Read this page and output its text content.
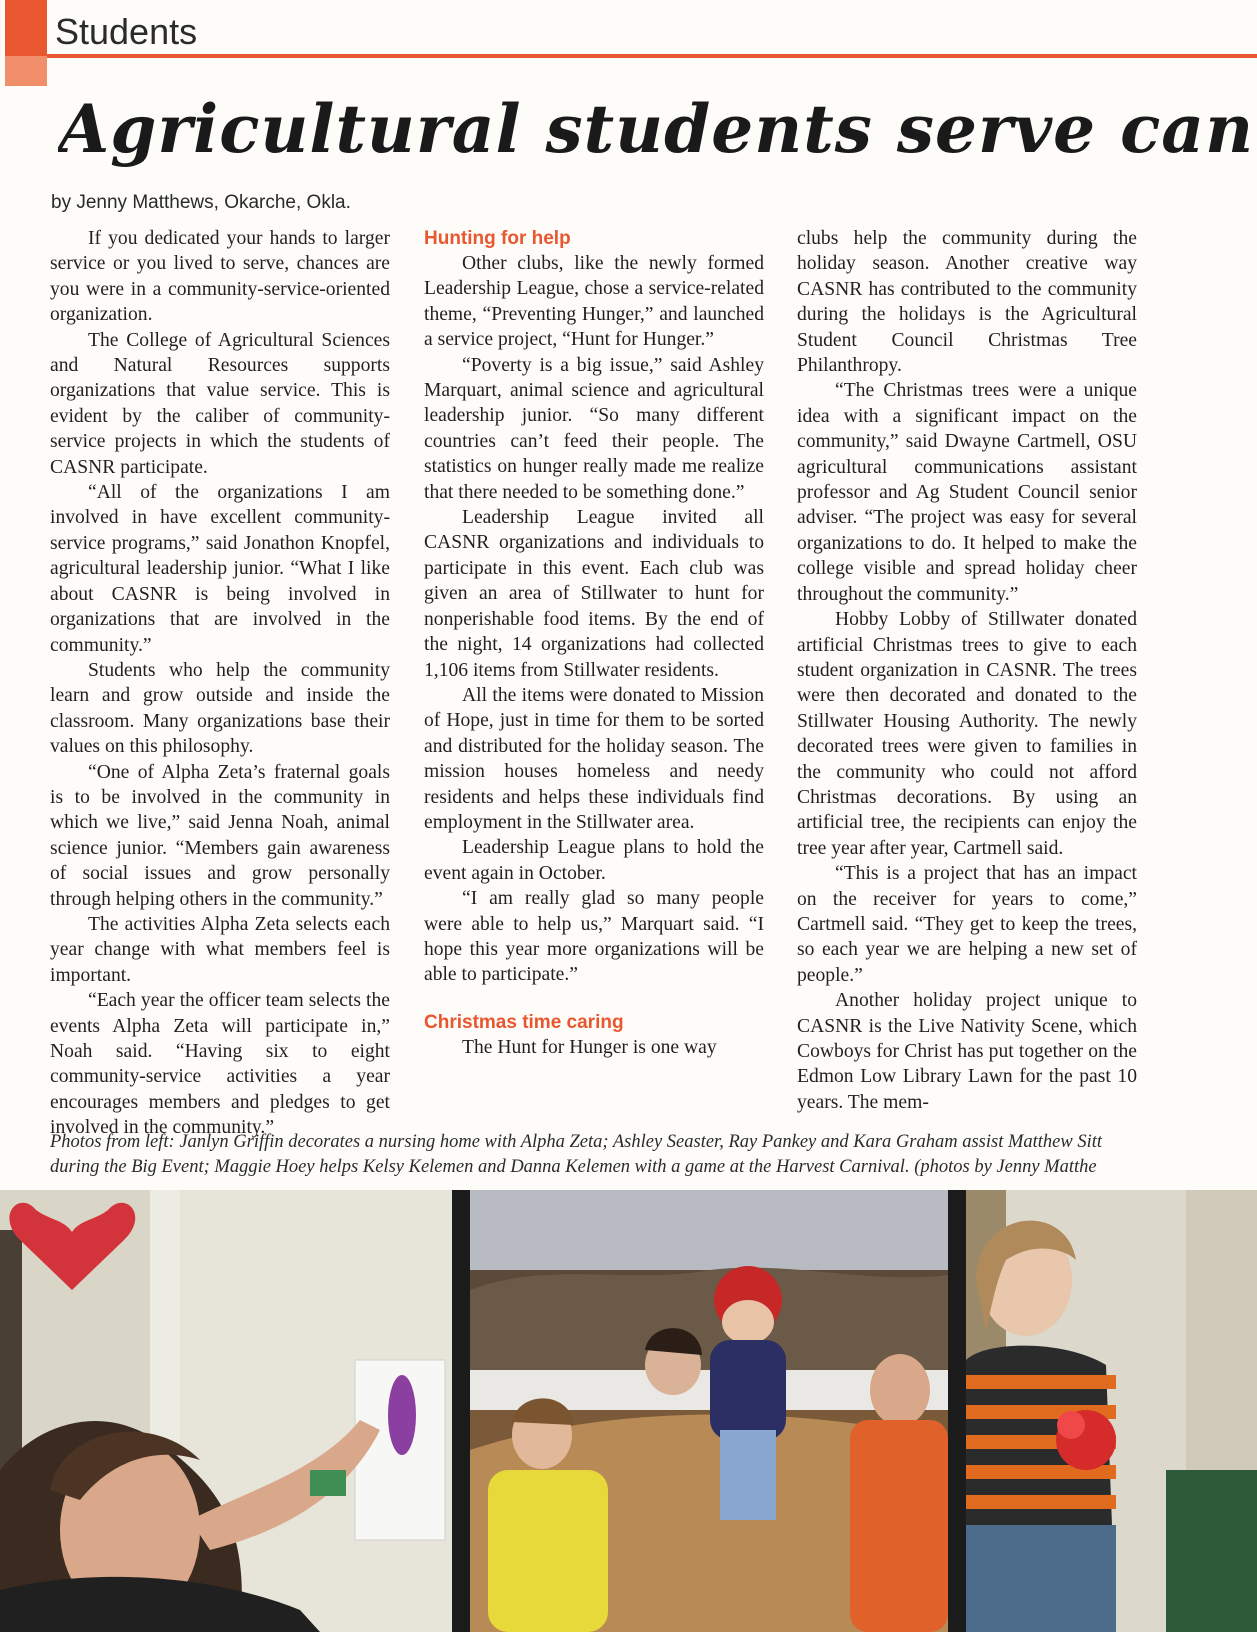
Students
Agricultural students serve can
by Jenny Matthews, Okarche, Okla.

If you dedicated your hands to larger service or you lived to serve, chances are you were in a community-service-oriented organization.

The College of Agricultural Sciences and Natural Resources supports organizations that value service. This is evident by the caliber of community-service projects in which the students of CASNR participate.

“All of the organizations I am involved in have excellent community-service programs,” said Jonathon Knopfel, agricultural leadership junior. “What I like about CASNR is being involved in organizations that are involved in the community.”

Students who help the community learn and grow outside and inside the classroom. Many organizations base their values on this philosophy.

“One of Alpha Zeta’s fraternal goals is to be involved in the community in which we live,” said Jenna Noah, animal science junior. “Members gain awareness of social issues and grow personally through helping others in the community.”

The activities Alpha Zeta selects each year change with what members feel is important.

“Each year the officer team selects the events Alpha Zeta will participate in,” Noah said. “Having six to eight community-service activities a year encourages members and pledges to get involved in the community.”

Hunting for help

Other clubs, like the newly formed Leadership League, chose a service-related theme, “Preventing Hunger,” and launched a service project, “Hunt for Hunger.”

“Poverty is a big issue,” said Ashley Marquart, animal science and agricultural leadership junior. “So many different countries can’t feed their people. The statistics on hunger really made me realize that there needed to be something done.”

Leadership League invited all CASNR organizations and individuals to participate in this event. Each club was given an area of Stillwater to hunt for nonperishable food items. By the end of the night, 14 organizations had collected 1,106 items from Stillwater residents.

All the items were donated to Mission of Hope, just in time for them to be sorted and distributed for the holiday season. The mission houses homeless and needy residents and helps these individuals find employment in the Stillwater area.

Leadership League plans to hold the event again in October.

“I am really glad so many people were able to help us,” Marquart said. “I hope this year more organizations will be able to participate.”

Christmas time caring

The Hunt for Hunger is one way

clubs help the community during the holiday season. Another creative way CASNR has contributed to the community during the holidays is the Agricultural Student Council Christmas Tree Philanthropy.

“The Christmas trees were a unique idea with a significant impact on the community,” said Dwayne Cartmell, OSU agricultural communications assistant professor and Ag Student Council senior adviser. “The project was easy for several organizations to do. It helped to make the college visible and spread holiday cheer throughout the community.”

Hobby Lobby of Stillwater donated artificial Christmas trees to give to each student organization in CASNR. The trees were then decorated and donated to the Stillwater Housing Authority. The newly decorated trees were given to families in the community who could not afford Christmas decorations. By using an artificial tree, the recipients can enjoy the tree year after year, Cartmell said.

“This is a project that has an impact on the receiver for years to come,” Cartmell said. “They get to keep the trees, so each year we are helping a new set of people.”

Another holiday project unique to CASNR is the Live Nativity Scene, which Cowboys for Christ has put together on the Edmon Low Library Lawn for the past 10 years. The mem-

Photos from left: Janlyn Griffin decorates a nursing home with Alpha Zeta; Ashley Seaster, Ray Pankey and Kara Graham assist Matthew Sitt
during the Big Event; Maggie Hoey helps Kelsy Kelemen and Danna Kelemen with a game at the Harvest Carnival. (photos by Jenny Matthe
